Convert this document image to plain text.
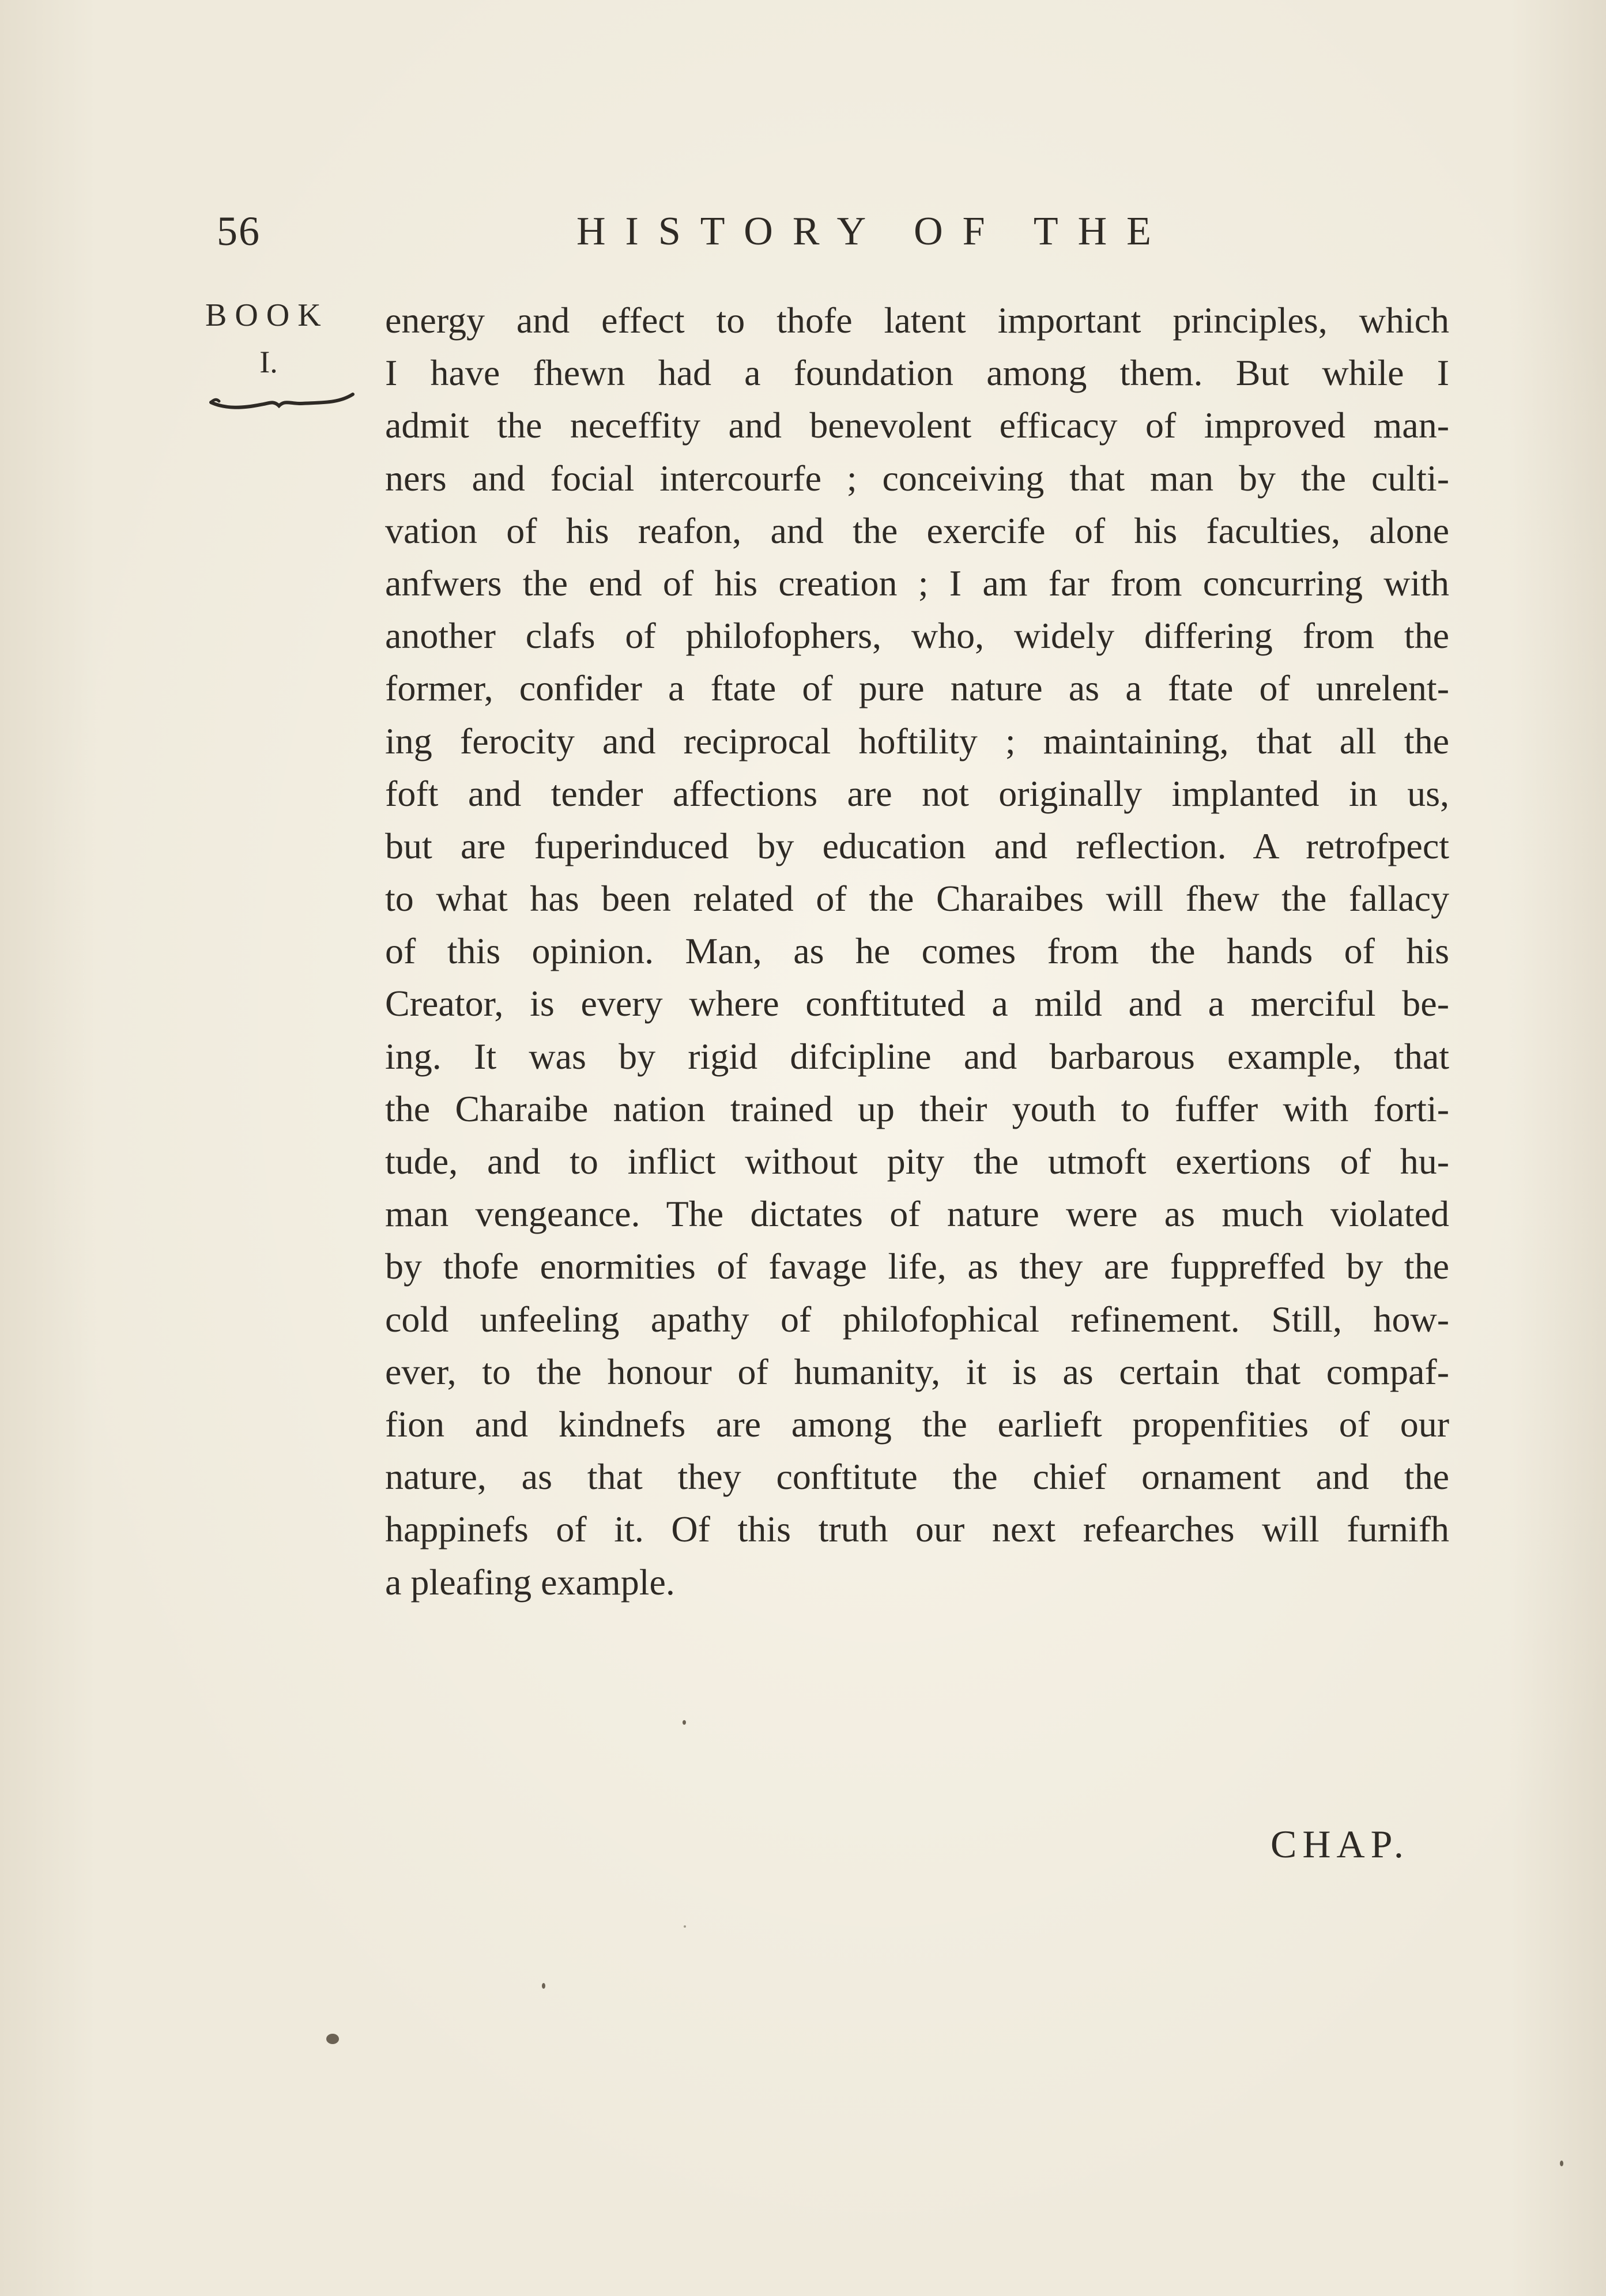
56	HISTORY OF THE
BOOK
I.
energy and effect to thofe latent important principles, which
I have fhewn had a foundation among them. But while I
admit the neceffity and benevolent efficacy of improved man-
ners and focial intercourfe ; conceiving that man by the culti-
vation of his reafon, and the exercife of his faculties, alone
anfwers the end of his creation ; I am far from concurring with
another clafs of philofophers, who, widely differing from the
former, confider a ftate of pure nature as a ftate of unrelent-
ing ferocity and reciprocal hoftility ; maintaining, that all the
foft and tender affections are not originally implanted in us,
but are fuperinduced by education and reflection. A retrofpect
to what has been related of the Charaibes will fhew the fallacy
of this opinion. Man, as he comes from the hands of his
Creator, is every where conftituted a mild and a merciful be-
ing. It was by rigid difcipline and barbarous example, that
the Charaibe nation trained up their youth to fuffer with forti-
tude, and to inflict without pity the utmoft exertions of hu-
man vengeance. The dictates of nature were as much violated
by thofe enormities of favage life, as they are fuppreffed by the
cold unfeeling apathy of philofophical refinement. Still, how-
ever, to the honour of humanity, it is as certain that compaf-
fion and kindnefs are among the earlieft propenfities of our
nature, as that they conftitute the chief ornament and the
happinefs of it. Of this truth our next refearches will furnifh
a pleafing example.
CHAP.
